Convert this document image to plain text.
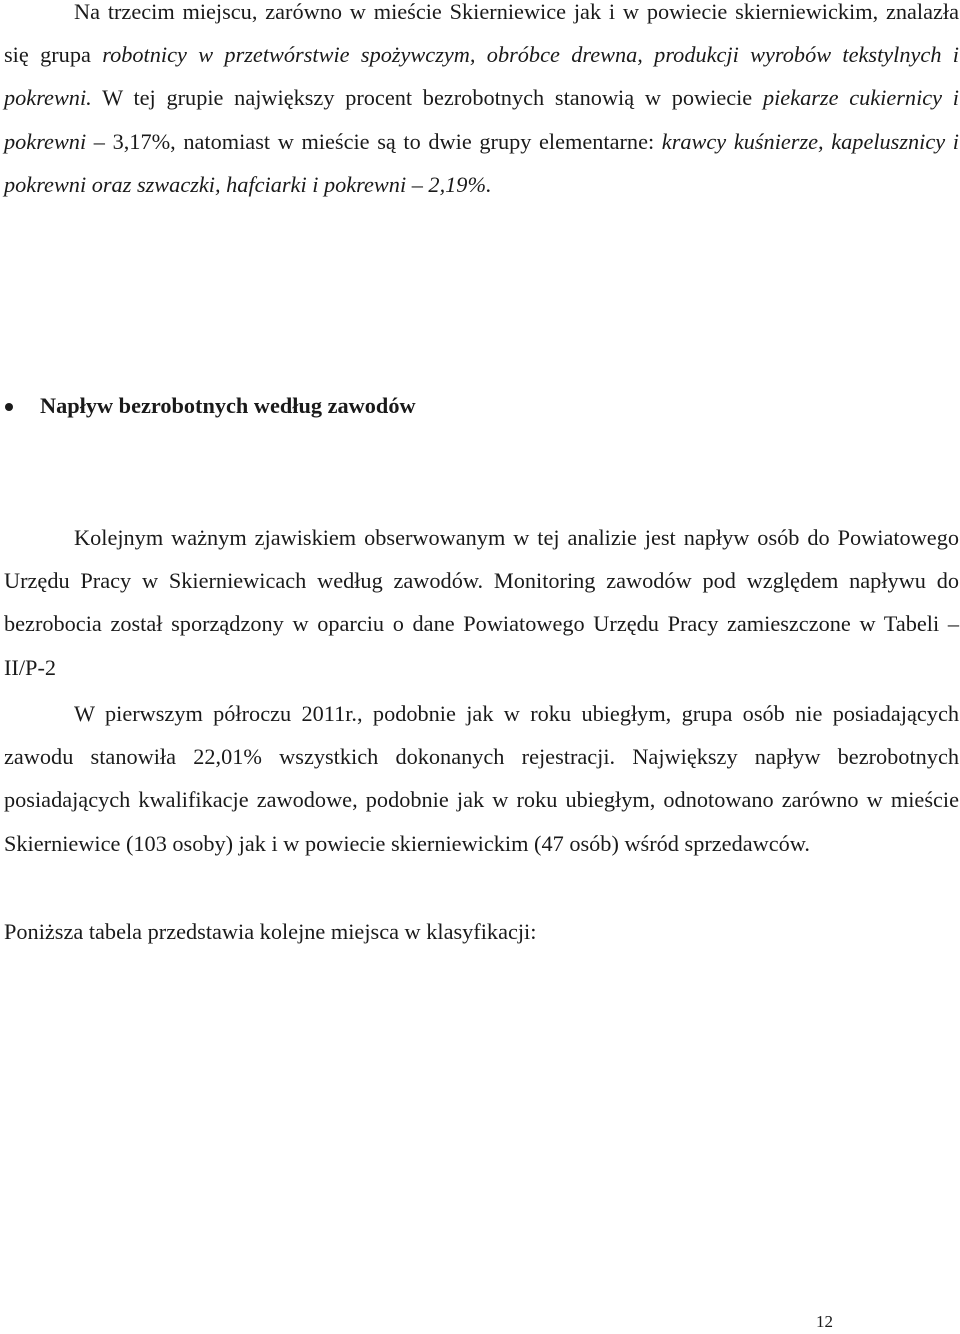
Na trzecim miejscu, zarówno w mieście Skierniewice jak i w powiecie skierniewickim, znalazła się grupa robotnicy w przetwórstwie spożywczym, obróbce drewna, produkcji wyrobów tekstylnych i pokrewni. W tej grupie największy procent bezrobotnych stanowią w powiecie piekarze cukiernicy i pokrewni – 3,17%, natomiast w mieście są to dwie grupy elementarne: krawcy kuśnierze, kapelusznicy i pokrewni oraz szwaczki, hafciarki i pokrewni – 2,19%.

Napływ bezrobotnych według zawodów

Kolejnym ważnym zjawiskiem obserwowanym w tej analizie jest napływ osób do Powiatowego Urzędu Pracy w Skierniewicach według zawodów. Monitoring zawodów pod względem napływu do bezrobocia został sporządzony w oparciu o dane Powiatowego Urzędu Pracy zamieszczone w Tabeli – II/P-2

W pierwszym półroczu 2011r., podobnie jak w roku ubiegłym, grupa osób nie posiadających zawodu stanowiła 22,01% wszystkich dokonanych rejestracji. Największy napływ bezrobotnych posiadających kwalifikacje zawodowe, podobnie jak w roku ubiegłym, odnotowano zarówno w mieście Skierniewice (103 osoby) jak i w powiecie skierniewickim (47 osób) wśród sprzedawców.

Poniższa tabela przedstawia kolejne miejsca w klasyfikacji:

12
